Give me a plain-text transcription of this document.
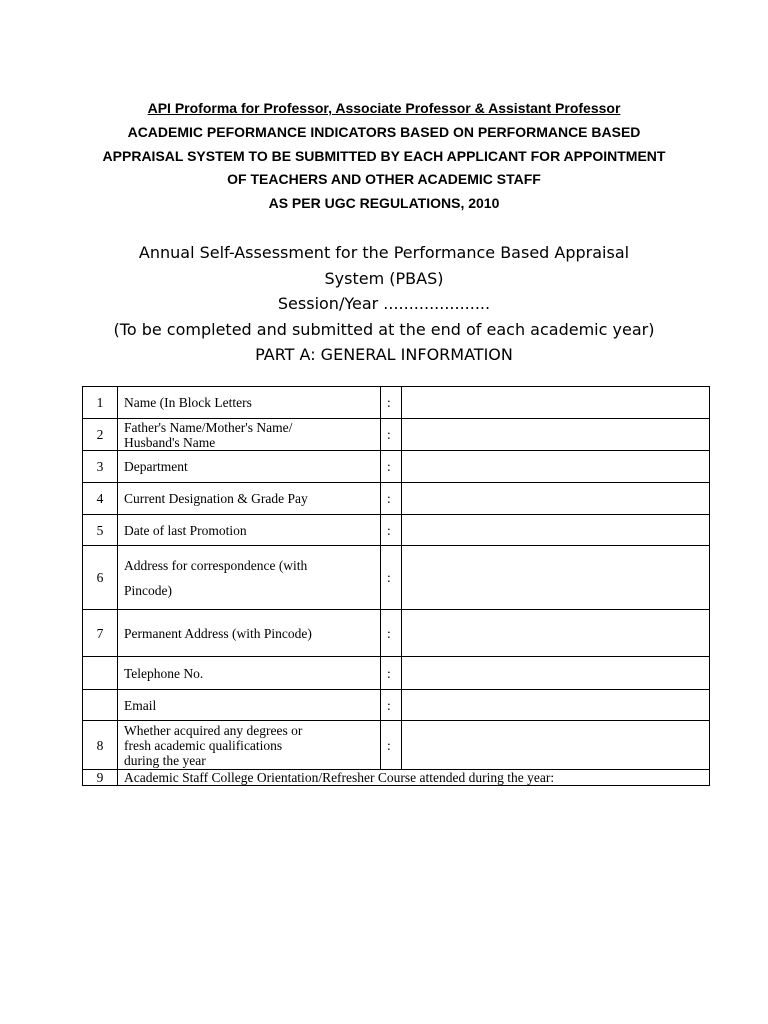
API Proforma for Professor, Associate Professor & Assistant Professor
ACADEMIC PEFORMANCE INDICATORS BASED ON PERFORMANCE BASED
APPRAISAL SYSTEM TO BE SUBMITTED BY EACH APPLICANT FOR APPOINTMENT
OF TEACHERS AND OTHER ACADEMIC STAFF
AS PER UGC REGULATIONS, 2010
Annual Self-Assessment for the Performance Based Appraisal
System (PBAS)
Session/Year .....................
(To be completed and submitted at the end of each academic year)
PART A: GENERAL INFORMATION
1	Name (In Block Letters	:	
2	Father's Name/Mother's Name/
Husband's Name	:	
3	Department	:	
4	Current Designation & Grade Pay	:	
5	Date of last Promotion	:	
6	Address for correspondence (with
Pincode)	:	
7	Permanent Address (with Pincode)	:	
	Telephone No.	:	
	Email	:	
8	Whether acquired any degrees or
fresh academic qualifications
during the year	:	
9	Academic Staff College Orientation/Refresher Course attended during the year:		
